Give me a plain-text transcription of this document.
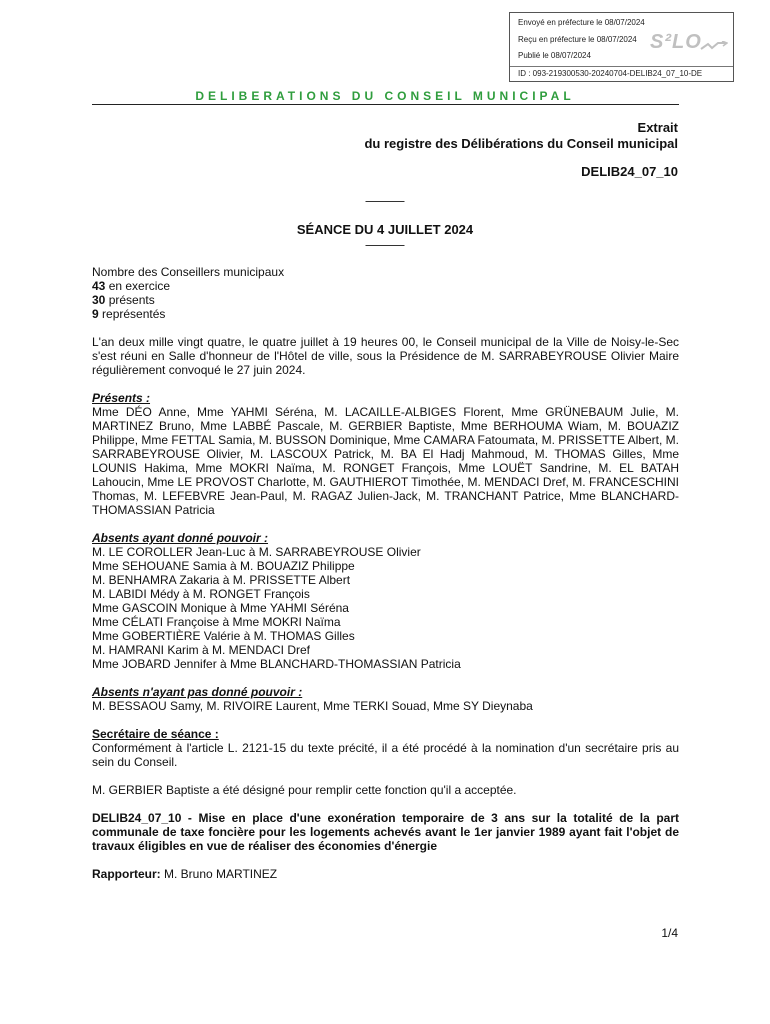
Envoyé en préfecture le 08/07/2024
Reçu en préfecture le 08/07/2024
Publié le 08/07/2024
S²LO
ID : 093-219300530-20240704-DELIB24_07_10-DE
DELIBERATIONS DU CONSEIL MUNICIPAL
Extrait
du registre des Délibérations du Conseil municipal
DELIB24_07_10
———
SÉANCE DU 4 JUILLET 2024
———
Nombre des Conseillers municipaux
43 en exercice
30 présents
9 représentés
L'an deux mille vingt quatre, le quatre juillet à 19 heures 00, le Conseil municipal de la Ville de Noisy-le-Sec s'est réuni en Salle d'honneur de l'Hôtel de ville, sous la Présidence de M. SARRABEYROUSE Olivier Maire régulièrement convoqué le 27 juin 2024.
Présents :
Mme DÉO Anne, Mme YAHMI Séréna, M. LACAILLE-ALBIGES Florent, Mme GRÜNEBAUM Julie, M. MARTINEZ Bruno, Mme LABBÉ Pascale, M. GERBIER Baptiste, Mme BERHOUMA Wiam, M. BOUAZIZ Philippe, Mme FETTAL Samia, M. BUSSON Dominique, Mme CAMARA Fatoumata, M. PRISSETTE Albert, M. SARRABEYROUSE Olivier, M. LASCOUX Patrick, M. BA El Hadj Mahmoud, M. THOMAS Gilles, Mme LOUNIS Hakima, Mme MOKRI Naïma, M. RONGET François, Mme LOUËT Sandrine, M. EL BATAH Lahoucin, Mme LE PROVOST Charlotte, M. GAUTHIEROT Timothée, M. MENDACI Dref, M. FRANCESCHINI Thomas, M. LEFEBVRE Jean-Paul, M. RAGAZ Julien-Jack, M. TRANCHANT Patrice, Mme BLANCHARD-THOMASSIAN Patricia
Absents ayant donné pouvoir :
M. LE COROLLER Jean-Luc à M. SARRABEYROUSE Olivier
Mme SEHOUANE Samia à M. BOUAZIZ Philippe
M. BENHAMRA Zakaria à M. PRISSETTE Albert
M. LABIDI Médy à M. RONGET François
Mme GASCOIN Monique à Mme YAHMI Séréna
Mme CÉLATI Françoise à Mme MOKRI Naïma
Mme GOBERTIÈRE Valérie à M. THOMAS Gilles
M. HAMRANI Karim à M. MENDACI Dref
Mme JOBARD Jennifer à Mme BLANCHARD-THOMASSIAN Patricia
Absents n'ayant pas donné pouvoir :
M. BESSAOU Samy, M. RIVOIRE Laurent, Mme TERKI Souad, Mme SY Dieynaba
Secrétaire de séance :
Conformément à l'article L. 2121-15 du texte précité, il a été procédé à la nomination d'un secrétaire pris au sein du Conseil.
M. GERBIER Baptiste a été désigné pour remplir cette fonction qu'il a acceptée.
DELIB24_07_10 - Mise en place d'une exonération temporaire de 3 ans sur la totalité de la part communale de taxe foncière pour les logements achevés avant le 1er janvier 1989 ayant fait l'objet de travaux éligibles en vue de réaliser des économies d'énergie
Rapporteur: M. Bruno MARTINEZ
1/4
